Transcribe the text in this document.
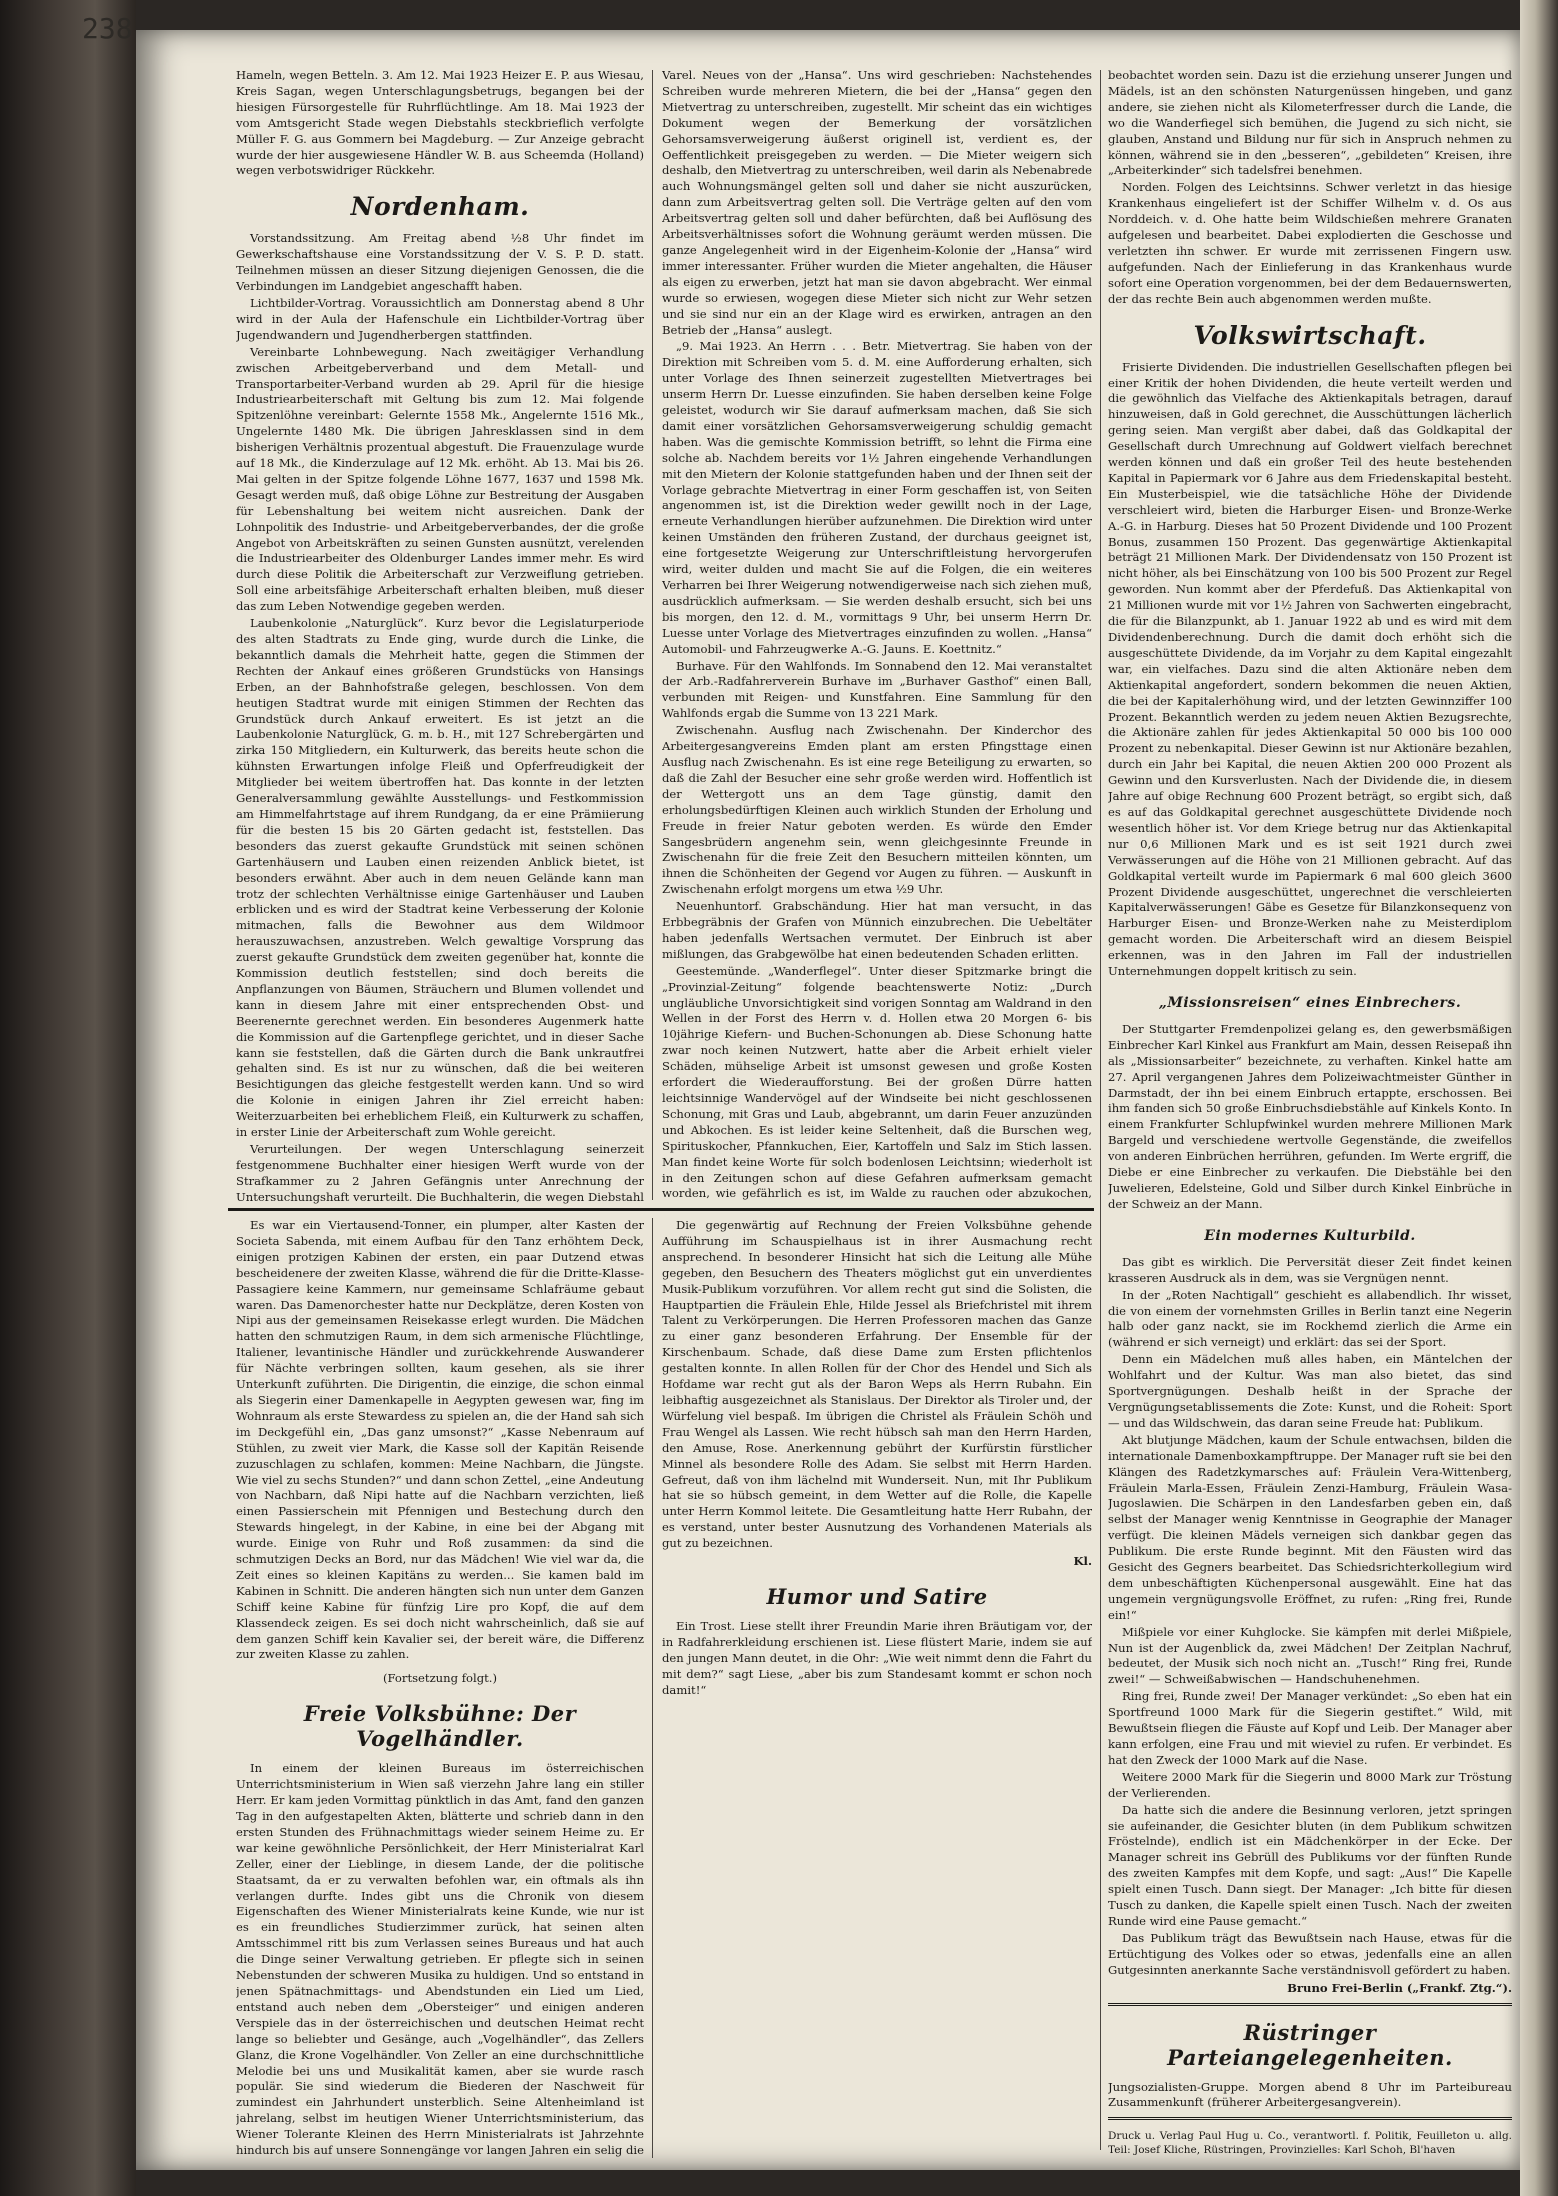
238

Hameln, wegen Betteln. 3. Am 12. Mai 1923 Heizer E. P. aus Wiesau, Kreis Sagan, wegen Unterschlagungsbetrugs, begangen bei der hiesigen Fürsorgestelle für Ruhrflüchtlinge. Am 18. Mai 1923 der vom Amtsgericht Stade wegen Diebstahls steckbrieflich verfolgte Müller F. G. aus Gommern bei Magdeburg. — Zur Anzeige gebracht wurde der hier ausgewiesene Händler W. B. aus Scheemda (Holland) wegen verbotswidriger Rückkehr.

Nordenham.

Vorstandssitzung. Am Freitag abend ½8 Uhr findet im Gewerkschaftshause eine Vorstandssitzung der V. S. P. D. statt. Teilnehmen müssen an dieser Sitzung diejenigen Genossen, die die Verbindungen im Landgebiet angeschafft haben.

Lichtbilder-Vortrag. Voraussichtlich am Donnerstag abend 8 Uhr wird in der Aula der Hafenschule ein Lichtbilder-Vortrag über Jugendwandern und Jugendherbergen stattfinden.

Vereinbarte Lohnbewegung. Nach zweitägiger Verhandlung zwischen Arbeitgeberverband und dem Metall- und Transportarbeiter-Verband wurden ab 29. April für die hiesige Industriearbeiterschaft mit Geltung bis zum 12. Mai folgende Spitzenlöhne vereinbart: Gelernte 1558 Mk., Angelernte 1516 Mk., Ungelernte 1480 Mk. Die übrigen Jahresklassen sind in dem bisherigen Verhältnis prozentual abgestuft. Die Frauenzulage wurde auf 18 Mk., die Kinderzulage auf 12 Mk. erhöht. Ab 13. Mai bis 26. Mai gelten in der Spitze folgende Löhne 1677, 1637 und 1598 Mk. Gesagt werden muß, daß obige Löhne zur Bestreitung der Ausgaben für Lebenshaltung bei weitem nicht ausreichen. Dank der Lohnpolitik des Industrie- und Arbeitgeberverbandes, der die große Angebot von Arbeitskräften zu seinen Gunsten ausnützt, verelenden die Industriearbeiter des Oldenburger Landes immer mehr. Es wird durch diese Politik die Arbeiterschaft zur Verzweiflung getrieben. Soll eine arbeitsfähige Arbeiterschaft erhalten bleiben, muß dieser das zum Leben Notwendige gegeben werden.

Laubenkolonie „Naturglück“. Kurz bevor die Legislaturperiode des alten Stadtrats zu Ende ging, wurde durch die Linke, die bekanntlich damals die Mehrheit hatte, gegen die Stimmen der Rechten der Ankauf eines größeren Grundstücks von Hansings Erben, an der Bahnhofstraße gelegen, beschlossen. Von dem heutigen Stadtrat wurde mit einigen Stimmen der Rechten das Grundstück durch Ankauf erweitert. Es ist jetzt an die Laubenkolonie Naturglück, G. m. b. H., mit 127 Schrebergärten und zirka 150 Mitgliedern, ein Kulturwerk, das bereits heute schon die kühnsten Erwartungen infolge Fleiß und Opferfreudigkeit der Mitglieder bei weitem übertroffen hat. Das konnte in der letzten Generalversammlung gewählte Ausstellungs- und Festkommission am Himmelfahrtstage auf ihrem Rundgang, da er eine Prämiierung für die besten 15 bis 20 Gärten gedacht ist, feststellen. Das besonders das zuerst gekaufte Grundstück mit seinen schönen Gartenhäusern und Lauben einen reizenden Anblick bietet, ist besonders erwähnt. Aber auch in dem neuen Gelände kann man trotz der schlechten Verhältnisse einige Gartenhäuser und Lauben erblicken und es wird der Stadtrat keine Verbesserung der Kolonie mitmachen, falls die Bewohner aus dem Wildmoor herauszuwachsen, anzustreben. Welch gewaltige Vorsprung das zuerst gekaufte Grundstück dem zweiten gegenüber hat, konnte die Kommission deutlich feststellen; sind doch bereits die Anpflanzungen von Bäumen, Sträuchern und Blumen vollendet und kann in diesem Jahre mit einer entsprechenden Obst- und Beerenernte gerechnet werden. Ein besonderes Augenmerk hatte die Kommission auf die Gartenpflege gerichtet, und in dieser Sache kann sie feststellen, daß die Gärten durch die Bank unkrautfrei gehalten sind. Es ist nur zu wünschen, daß die bei weiteren Besichtigungen das gleiche festgestellt werden kann. Und so wird die Kolonie in einigen Jahren ihr Ziel erreicht haben: Weiterzuarbeiten bei erheblichem Fleiß, ein Kulturwerk zu schaffen, in erster Linie der Arbeiterschaft zum Wohle gereicht.

Verurteilungen. Der wegen Unterschlagung seinerzeit festgenommene Buchhalter einer hiesigen Werft wurde von der Strafkammer zu 2 Jahren Gefängnis unter Anrechnung der Untersuchungshaft verurteilt. Die Buchhalterin, die wegen Diebstahl

Varel. Neues von der „Hansa“. Uns wird geschrieben: Nachstehendes Schreiben wurde mehreren Mietern, die bei der „Hansa“ gegen den Mietvertrag zu unterschreiben, zugestellt. Mir scheint das ein wichtiges Dokument wegen der Bemerkung der vorsätzlichen Gehorsamsverweigerung äußerst originell ist, verdient es, der Oeffentlichkeit preisgegeben zu werden. — Die Mieter weigern sich deshalb, den Mietvertrag zu unterschreiben, weil darin als Nebenabrede auch Wohnungsmängel gelten soll und daher sie nicht auszurücken, dann zum Arbeitsvertrag gelten soll. Die Verträge gelten auf den vom Arbeitsvertrag gelten soll und daher befürchten, daß bei Auflösung des Arbeitsverhältnisses sofort die Wohnung geräumt werden müssen. Die ganze Angelegenheit wird in der Eigenheim-Kolonie der „Hansa“ wird immer interessanter. Früher wurden die Mieter angehalten, die Häuser als eigen zu erwerben, jetzt hat man sie davon abgebracht. Wer einmal wurde so erwiesen, wogegen diese Mieter sich nicht zur Wehr setzen und sie sind nur ein an der Klage wird es erwirken, antragen an den Betrieb der „Hansa“ auslegt.

„9. Mai 1923. An Herrn . . . Betr. Mietvertrag. Sie haben von der Direktion mit Schreiben vom 5. d. M. eine Aufforderung erhalten, sich unter Vorlage des Ihnen seinerzeit zugestellten Mietvertrages bei unserm Herrn Dr. Luesse einzufinden. Sie haben derselben keine Folge geleistet, wodurch wir Sie darauf aufmerksam machen, daß Sie sich damit einer vorsätzlichen Gehorsamsverweigerung schuldig gemacht haben. Was die gemischte Kommission betrifft, so lehnt die Firma eine solche ab. Nachdem bereits vor 1½ Jahren eingehende Verhandlungen mit den Mietern der Kolonie stattgefunden haben und der Ihnen seit der Vorlage gebrachte Mietvertrag in einer Form geschaffen ist, von Seiten angenommen ist, ist die Direktion weder gewillt noch in der Lage, erneute Verhandlungen hierüber aufzunehmen. Die Direktion wird unter keinen Umständen den früheren Zustand, der durchaus geeignet ist, eine fortgesetzte Weigerung zur Unterschriftleistung hervorgerufen wird, weiter dulden und macht Sie auf die Folgen, die ein weiteres Verharren bei Ihrer Weigerung notwendigerweise nach sich ziehen muß, ausdrücklich aufmerksam. — Sie werden deshalb ersucht, sich bei uns bis morgen, den 12. d. M., vormittags 9 Uhr, bei unserm Herrn Dr. Luesse unter Vorlage des Mietvertrages einzufinden zu wollen. „Hansa“ Automobil- und Fahrzeugwerke A.-G. Jauns. E. Koettnitz.“

Burhave. Für den Wahlfonds. Im Sonnabend den 12. Mai veranstaltet der Arb.-Radfahrerverein Burhave im „Burhaver Gasthof“ einen Ball, verbunden mit Reigen- und Kunstfahren. Eine Sammlung für den Wahlfonds ergab die Summe von 13 221 Mark.

Zwischenahn. Ausflug nach Zwischenahn. Der Kinderchor des Arbeitergesangvereins Emden plant am ersten Pfingsttage einen Ausflug nach Zwischenahn. Es ist eine rege Beteiligung zu erwarten, so daß die Zahl der Besucher eine sehr große werden wird. Hoffentlich ist der Wettergott uns an dem Tage günstig, damit den erholungsbedürftigen Kleinen auch wirklich Stunden der Erholung und Freude in freier Natur geboten werden. Es würde den Emder Sangesbrüdern angenehm sein, wenn gleichgesinnte Freunde in Zwischenahn für die freie Zeit den Besuchern mitteilen könnten, um ihnen die Schönheiten der Gegend vor Augen zu führen. — Auskunft in Zwischenahn erfolgt morgens um etwa ½9 Uhr.

Neuenhuntorf. Grabschändung. Hier hat man versucht, in das Erbbegräbnis der Grafen von Münnich einzubrechen. Die Uebeltäter haben jedenfalls Wertsachen vermutet. Der Einbruch ist aber mißlungen, das Grabgewölbe hat einen bedeutenden Schaden erlitten.

Geestemünde. „Wanderflegel“. Unter dieser Spitzmarke bringt die „Provinzial-Zeitung“ folgende beachtenswerte Notiz: „Durch ungläubliche Unvorsichtigkeit sind vorigen Sonntag am Waldrand in den Wellen in der Forst des Herrn v. d. Hollen etwa 20 Morgen 6- bis 10jährige Kiefern- und Buchen-Schonungen ab. Diese Schonung hatte zwar noch keinen Nutzwert, hatte aber die Arbeit erhielt vieler Schäden, mühselige Arbeit ist umsonst gewesen und große Kosten erfordert die Wiederaufforstung. Bei der großen Dürre hatten leichtsinnige Wandervögel auf der Windseite bei nicht geschlossenen Schonung, mit Gras und Laub, abgebrannt, um darin Feuer anzuzünden und Abkochen. Es ist leider keine Seltenheit, daß die Burschen weg, Spirituskocher, Pfannkuchen, Eier, Kartoffeln und Salz im Stich lassen. Man findet keine Worte für solch bodenlosen Leichtsinn; wiederholt ist in den Zeitungen schon auf diese Gefahren aufmerksam gemacht worden, wie gefährlich es ist, im Walde zu rauchen oder abzukochen,

beobachtet worden sein. Dazu ist die erziehung unserer Jungen und Mädels, ist an den schönsten Naturgenüssen hingeben, und ganz andere, sie ziehen nicht als Kilometerfresser durch die Lande, die wo die Wanderfiegel sich bemühen, die Jugend zu sich nicht, sie glauben, Anstand und Bildung nur für sich in Anspruch nehmen zu können, während sie in den „besseren“, „gebildeten“ Kreisen, ihre „Arbeiterkinder“ sich tadelsfrei benehmen.

Norden. Folgen des Leichtsinns. Schwer verletzt in das hiesige Krankenhaus eingeliefert ist der Schiffer Wilhelm v. d. Os aus Norddeich. v. d. Ohe hatte beim Wildschießen mehrere Granaten aufgelesen und bearbeitet. Dabei explodierten die Geschosse und verletzten ihn schwer. Er wurde mit zerrissenen Fingern usw. aufgefunden. Nach der Einlieferung in das Krankenhaus wurde sofort eine Operation vorgenommen, bei der dem Bedauernswerten, der das rechte Bein auch abgenommen werden mußte.

Volkswirtschaft.

Frisierte Dividenden. Die industriellen Gesellschaften pflegen bei einer Kritik der hohen Dividenden, die heute verteilt werden und die gewöhnlich das Vielfache des Aktienkapitals betragen, darauf hinzuweisen, daß in Gold gerechnet, die Ausschüttungen lächerlich gering seien. Man vergißt aber dabei, daß das Goldkapital der Gesellschaft durch Umrechnung auf Goldwert vielfach berechnet werden können und daß ein großer Teil des heute bestehenden Kapital in Papiermark vor 6 Jahre aus dem Friedenskapital besteht. Ein Musterbeispiel, wie die tatsächliche Höhe der Dividende verschleiert wird, bieten die Harburger Eisen- und Bronze-Werke A.-G. in Harburg. Dieses hat 50 Prozent Dividende und 100 Prozent Bonus, zusammen 150 Prozent. Das gegenwärtige Aktienkapital beträgt 21 Millionen Mark. Der Dividendensatz von 150 Prozent ist nicht höher, als bei Einschätzung von 100 bis 500 Prozent zur Regel geworden. Nun kommt aber der Pferdefuß. Das Aktienkapital von 21 Millionen wurde mit vor 1½ Jahren von Sachwerten eingebracht, die für die Bilanzpunkt, ab 1. Januar 1922 ab und es wird mit dem Dividendenberechnung. Durch die damit doch erhöht sich die ausgeschüttete Dividende, da im Vorjahr zu dem Kapital eingezahlt war, ein vielfaches. Dazu sind die alten Aktionäre neben dem Aktienkapital angefordert, sondern bekommen die neuen Aktien, die bei der Kapitalerhöhung wird, und der letzten Gewinnziffer 100 Prozent. Bekanntlich werden zu jedem neuen Aktien Bezugsrechte, die Aktionäre zahlen für jedes Aktienkapital 50 000 bis 100 000 Prozent zu nebenkapital. Dieser Gewinn ist nur Aktionäre bezahlen, durch ein Jahr bei Kapital, die neuen Aktien 200 000 Prozent als Gewinn und den Kursverlusten. Nach der Dividende die, in diesem Jahre auf obige Rechnung 600 Prozent beträgt, so ergibt sich, daß es auf das Goldkapital gerechnet ausgeschüttete Dividende noch wesentlich höher ist. Vor dem Kriege betrug nur das Aktienkapital nur 0,6 Millionen Mark und es ist seit 1921 durch zwei Verwässerungen auf die Höhe von 21 Millionen gebracht. Auf das Goldkapital verteilt wurde im Papiermark 6 mal 600 gleich 3600 Prozent Dividende ausgeschüttet, ungerechnet die verschleierten Kapitalverwässerungen! Gäbe es Gesetze für Bilanzkonsequenz von Harburger Eisen- und Bronze-Werken nahe zu Meisterdiplom gemacht worden. Die Arbeiterschaft wird an diesem Beispiel erkennen, was in den Jahren im Fall der industriellen Unternehmungen doppelt kritisch zu sein.

„Missionsreisen“ eines Einbrechers.

Der Stuttgarter Fremdenpolizei gelang es, den gewerbsmäßigen Einbrecher Karl Kinkel aus Frankfurt am Main, dessen Reisepaß ihn als „Missionsarbeiter“ bezeichnete, zu verhaften. Kinkel hatte am 27. April vergangenen Jahres dem Polizeiwachtmeister Günther in Darmstadt, der ihn bei einem Einbruch ertappte, erschossen. Bei ihm fanden sich 50 große Einbruchsdiebstähle auf Kinkels Konto. In einem Frankfurter Schlupfwinkel wurden mehrere Millionen Mark Bargeld und verschiedene wertvolle Gegenstände, die zweifellos von anderen Einbrüchen herrühren, gefunden. Im Werte ergriff, die Diebe er eine Einbrecher zu verkaufen. Die Diebstähle bei den Juwelieren, Edelsteine, Gold und Silber durch Kinkel Einbrüche in der Schweiz an der Mann.

Ein modernes Kulturbild.

Das gibt es wirklich. Die Perversität dieser Zeit findet keinen krasseren Ausdruck als in dem, was sie Vergnügen nennt.

In der „Roten Nachtigall“ geschieht es allabendlich. Ihr wisset, die von einem der vornehmsten Grilles in Berlin tanzt eine Negerin halb oder ganz nackt, sie im Rockhemd zierlich die Arme ein (während er sich verneigt) und erklärt: das sei der Sport.

Denn ein Mädelchen muß alles haben, ein Mäntelchen der Wohlfahrt und der Kultur. Was man also bietet, das sind Sportvergnügungen. Deshalb heißt in der Sprache der Vergnügungsetablissements die Zote: Kunst, und die Roheit: Sport — und das Wildschwein, das daran seine Freude hat: Publikum.

Akt blutjunge Mädchen, kaum der Schule entwachsen, bilden die internationale Damenboxkampftruppe. Der Manager ruft sie bei den Klängen des Radetzkymarsches auf: Fräulein Vera-Wittenberg, Fräulein Marla-Essen, Fräulein Zenzi-Hamburg, Fräulein Wasa-Jugoslawien. Die Schärpen in den Landesfarben geben ein, daß selbst der Manager wenig Kenntnisse in Geographie der Manager verfügt. Die kleinen Mädels verneigen sich dankbar gegen das Publikum. Die erste Runde beginnt. Mit den Fäusten wird das Gesicht des Gegners bearbeitet. Das Schiedsrichterkollegium wird dem unbeschäftigten Küchenpersonal ausgewählt. Eine hat das ungemein vergnügungsvolle Eröffnet, zu rufen: „Ring frei, Runde ein!“

Mißpiele vor einer Kuhglocke. Sie kämpfen mit derlei Mißpiele, Nun ist der Augenblick da, zwei Mädchen! Der Zeitplan Nachruf, bedeutet, der Musik sich noch nicht an. „Tusch!“ Ring frei, Runde zwei!“ — Schweißabwischen — Handschuhenehmen.

Ring frei, Runde zwei! Der Manager verkündet: „So eben hat ein Sportfreund 1000 Mark für die Siegerin gestiftet.“ Wild, mit Bewußtsein fliegen die Fäuste auf Kopf und Leib. Der Manager aber kann erfolgen, eine Frau und mit wieviel zu rufen. Er verbindet. Es hat den Zweck der 1000 Mark auf die Nase.

Weitere 2000 Mark für die Siegerin und 8000 Mark zur Tröstung der Verlierenden.

Da hatte sich die andere die Besinnung verloren, jetzt springen sie aufeinander, die Gesichter bluten (in dem Publikum schwitzen Fröstelnde), endlich ist ein Mädchenkörper in der Ecke. Der Manager schreit ins Gebrüll des Publikums vor der fünften Runde des zweiten Kampfes mit dem Kopfe, und sagt: „Aus!“ Die Kapelle spielt einen Tusch. Dann siegt. Der Manager: „Ich bitte für diesen Tusch zu danken, die Kapelle spielt einen Tusch. Nach der zweiten Runde wird eine Pause gemacht.“

Das Publikum trägt das Bewußtsein nach Hause, etwas für die Ertüchtigung des Volkes oder so etwas, jedenfalls eine an allen Gutgesinnten anerkannte Sache verständnisvoll gefördert zu haben.

Bruno Frei-Berlin („Frankf. Ztg.“).
Rüstringer Parteiangelegenheiten.

Jungsozialisten-Gruppe. Morgen abend 8 Uhr im Parteibureau Zusammenkunft (früherer Arbeitergesangverein).

Druck u. Verlag Paul Hug u. Co., verantwortl. f. Politik, Feuilleton u. allg. Teil: Josef Kliche, Rüstringen, Provinzielles: Karl Schoh, Bl'haven

Es war ein Viertausend-Tonner, ein plumper, alter Kasten der Societa Sabenda, mit einem Aufbau für den Tanz erhöhtem Deck, einigen protzigen Kabinen der ersten, ein paar Dutzend etwas bescheidenere der zweiten Klasse, während die für die Dritte-Klasse-Passagiere keine Kammern, nur gemeinsame Schlafräume gebaut waren. Das Damenorchester hatte nur Deckplätze, deren Kosten von Nipi aus der gemeinsamen Reisekasse erlegt wurden. Die Mädchen hatten den schmutzigen Raum, in dem sich armenische Flüchtlinge, Italiener, levantinische Händler und zurückkehrende Auswanderer für Nächte verbringen sollten, kaum gesehen, als sie ihrer Unterkunft zuführten. Die Dirigentin, die einzige, die schon einmal als Siegerin einer Damenkapelle in Aegypten gewesen war, fing im Wohnraum als erste Stewardess zu spielen an, die der Hand sah sich im Deckgefühl ein, „Das ganz umsonst?“ „Kasse Nebenraum auf Stühlen, zu zweit vier Mark, die Kasse soll der Kapitän Reisende zuzuschlagen zu schlafen, kommen: Meine Nachbarn, die Jüngste. Wie viel zu sechs Stunden?“ und dann schon Zettel, „eine Andeutung von Nachbarn, daß Nipi hatte auf die Nachbarn verzichten, ließ einen Passierschein mit Pfennigen und Bestechung durch den Stewards hingelegt, in der Kabine, in eine bei der Abgang mit wurde. Einige von Ruhr und Roß zusammen: da sind die schmutzigen Decks an Bord, nur das Mädchen! Wie viel war da, die Zeit eines so kleinen Kapitäns zu werden... Sie kamen bald im Kabinen in Schnitt. Die anderen hängten sich nun unter dem Ganzen Schiff keine Kabine für fünfzig Lire pro Kopf, die auf dem Klassendeck zeigen. Es sei doch nicht wahrscheinlich, daß sie auf dem ganzen Schiff kein Kavalier sei, der bereit wäre, die Differenz zur zweiten Klasse zu zahlen.

(Fortsetzung folgt.)
Freie Volksbühne: Der Vogelhändler.

In einem der kleinen Bureaus im österreichischen Unterrichtsministerium in Wien saß vierzehn Jahre lang ein stiller Herr. Er kam jeden Vormittag pünktlich in das Amt, fand den ganzen Tag in den aufgestapelten Akten, blätterte und schrieb dann in den ersten Stunden des Frühnachmittags wieder seinem Heime zu. Er war keine gewöhnliche Persönlichkeit, der Herr Ministerialrat Karl Zeller, einer der Lieblinge, in diesem Lande, der die politische Staatsamt, da er zu verwalten befohlen war, ein oftmals als ihn verlangen durfte. Indes gibt uns die Chronik von diesem Eigenschaften des Wiener Ministerialrats keine Kunde, wie nur ist es ein freundliches Studierzimmer zurück, hat seinen alten Amtsschimmel ritt bis zum Verlassen seines Bureaus und hat auch die Dinge seiner Verwaltung getrieben. Er pflegte sich in seinen Nebenstunden der schweren Musika zu huldigen. Und so entstand in jenen Spätnachmittags- und Abendstunden ein Lied um Lied, entstand auch neben dem „Obersteiger“ und einigen anderen Verspiele das in der österreichischen und deutschen Heimat recht lange so beliebter und Gesänge, auch „Vogelhändler“, das Zellers Glanz, die Krone Vogelhändler. Von Zeller an eine durchschnittliche Melodie bei uns und Musikalität kamen, aber sie wurde rasch populär. Sie sind wiederum die Biederen der Naschweit für zumindest ein Jahrhundert unsterblich. Seine Altenheimland ist jahrelang, selbst im heutigen Wiener Unterrichtsministerium, das Wiener Tolerante Kleinen des Herrn Ministerialrats ist Jahrzehnte hindurch bis auf unsere Sonnengänge vor langen Jahren ein selig die

Die gegenwärtig auf Rechnung der Freien Volksbühne gehende Aufführung im Schauspielhaus ist in ihrer Ausmachung recht ansprechend. In besonderer Hinsicht hat sich die Leitung alle Mühe gegeben, den Besuchern des Theaters möglichst gut ein unverdientes Musik-Publikum vorzuführen. Vor allem recht gut sind die Solisten, die Hauptpartien die Fräulein Ehle, Hilde Jessel als Briefchristel mit ihrem Talent zu Verkörperungen. Die Herren Professoren machen das Ganze zu einer ganz besonderen Erfahrung. Der Ensemble für der Kirschenbaum. Schade, daß diese Dame zum Ersten pflichtenlos gestalten konnte. In allen Rollen für der Chor des Hendel und Sich als Hofdame war recht gut als der Baron Weps als Herrn Rubahn. Ein leibhaftig ausgezeichnet als Stanislaus. Der Direktor als Tiroler und, der Würfelung viel bespaß. Im übrigen die Christel als Fräulein Schöh und Frau Wengel als Lassen. Wie recht hübsch sah man den Herrn Harden, den Amuse, Rose. Anerkennung gebührt der Kurfürstin fürstlicher Minnel als besondere Rolle des Adam. Sie selbst mit Herrn Harden. Gefreut, daß von ihm lächelnd mit Wunderseit. Nun, mit Ihr Publikum hat sie so hübsch gemeint, in dem Wetter auf die Rolle, die Kapelle unter Herrn Kommol leitete. Die Gesamtleitung hatte Herr Rubahn, der es verstand, unter bester Ausnutzung des Vorhandenen Materials als gut zu bezeichnen.

Kl.
Humor und Satire

Ein Trost. Liese stellt ihrer Freundin Marie ihren Bräutigam vor, der in Radfahrerkleidung erschienen ist. Liese flüstert Marie, indem sie auf den jungen Mann deutet, in die Ohr: „Wie weit nimmt denn die Fahrt du mit dem?“ sagt Liese, „aber bis zum Standesamt kommt er schon noch damit!“
